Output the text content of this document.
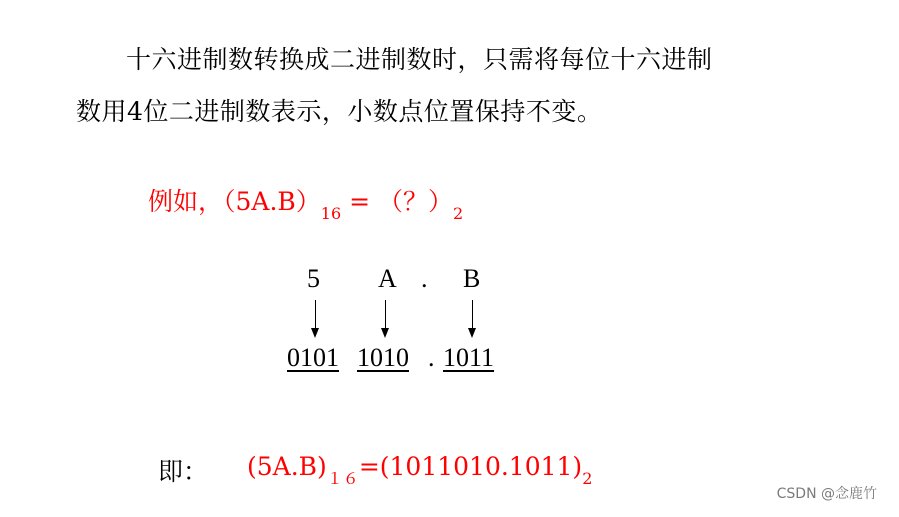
十六进制数转换成二进制数时，只需将每位十六进制
数用4位二进制数表示，小数点位置保持不变。
例如，$(5A.B)_{16}$ = （？）$_2$
5 A . B
0101 1010 . 1011
即： $(5A.B)_{16}=(1011010.1011)_2$
CSDN @念鹿竹
